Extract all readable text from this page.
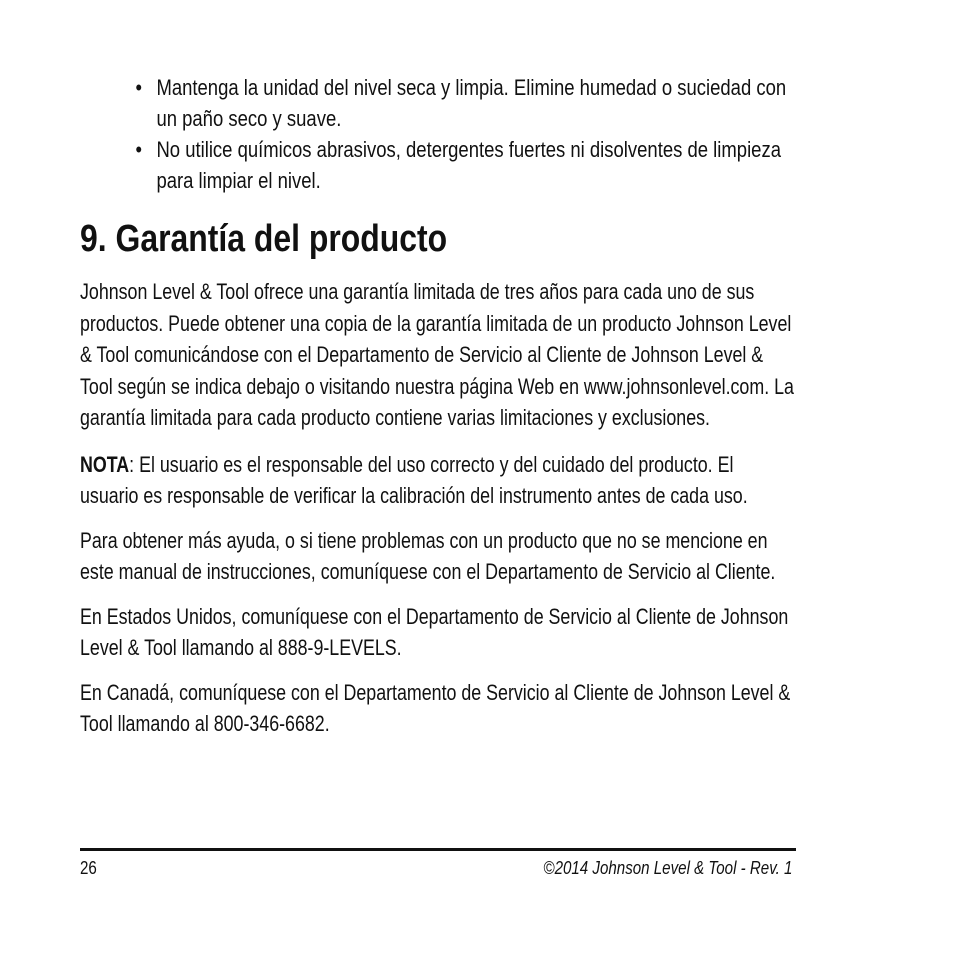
• Mantenga la unidad del nivel seca y limpia. Elimine humedad o suciedad con un paño seco y suave.
• No utilice químicos abrasivos, detergentes fuertes ni disolventes de limpieza para limpiar el nivel.
9. Garantía del producto

Johnson Level & Tool ofrece una garantía limitada de tres años para cada uno de sus productos. Puede obtener una copia de la garantía limitada de un producto Johnson Level & Tool comunicándose con el Departamento de Servicio al Cliente de Johnson Level & Tool según se indica debajo o visitando nuestra página Web en www.johnsonlevel.com. La garantía limitada para cada producto contiene varias limitaciones y exclusiones.

NOTA: El usuario es el responsable del uso correcto y del cuidado del producto. El usuario es responsable de verificar la calibración del instrumento antes de cada uso.

Para obtener más ayuda, o si tiene problemas con un producto que no se mencione en este manual de instrucciones, comuníquese con el Departamento de Servicio al Cliente.

En Estados Unidos, comuníquese con el Departamento de Servicio al Cliente de Johnson Level & Tool llamando al 888-9-LEVELS.

En Canadá, comuníquese con el Departamento de Servicio al Cliente de Johnson Level & Tool llamando al 800-346-6682.

26	©2014 Johnson Level & Tool - Rev. 1
